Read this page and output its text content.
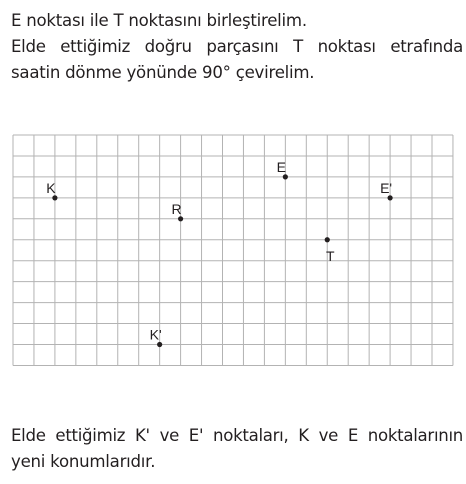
E noktası ile T noktasını birleştirelim.

Elde ettiğimiz doğru parçasını T noktası etrafında

saatin dönme yönünde 90° çevirelim.

K
E
E'
R
T
K'

Elde ettiğimiz K' ve E' noktaları, K ve E noktalarının

yeni konumlarıdır.
